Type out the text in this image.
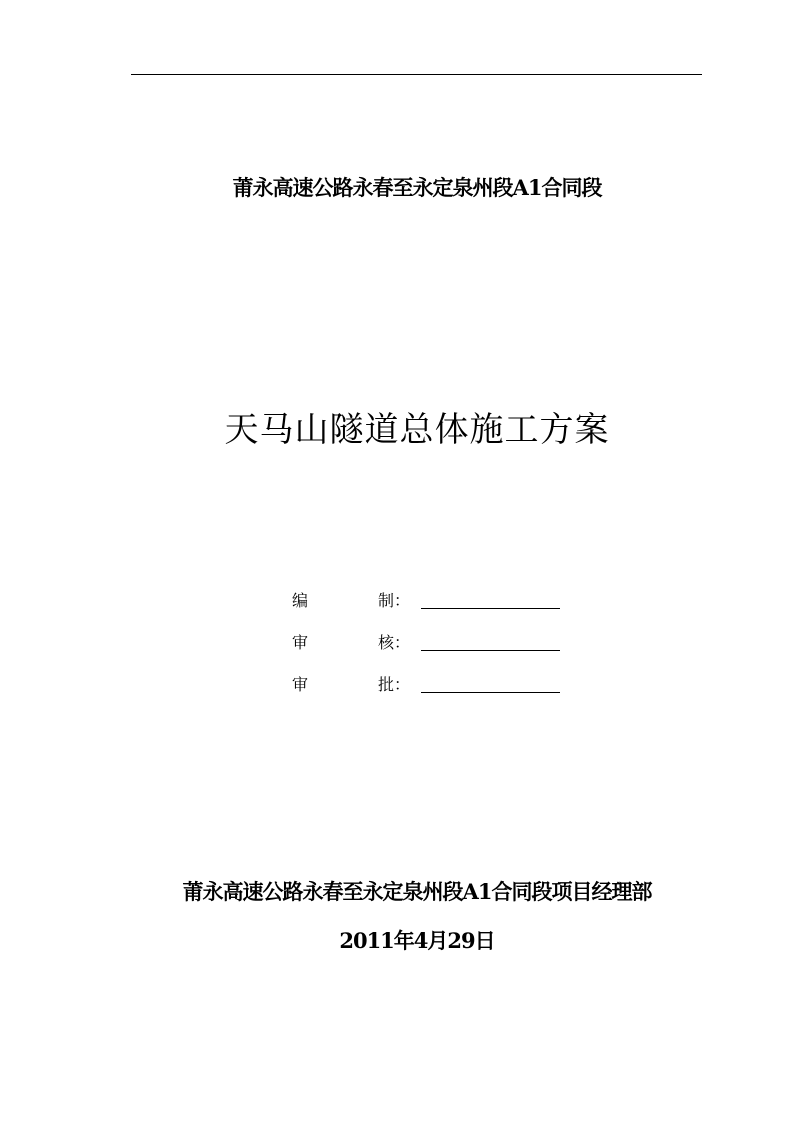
莆永高速公路永春至永定泉州段A1合同段
天马山隧道总体施工方案
编	制：
审	核：
审	批：
莆永高速公路永春至永定泉州段A1合同段项目经理部
2011年4月29日
